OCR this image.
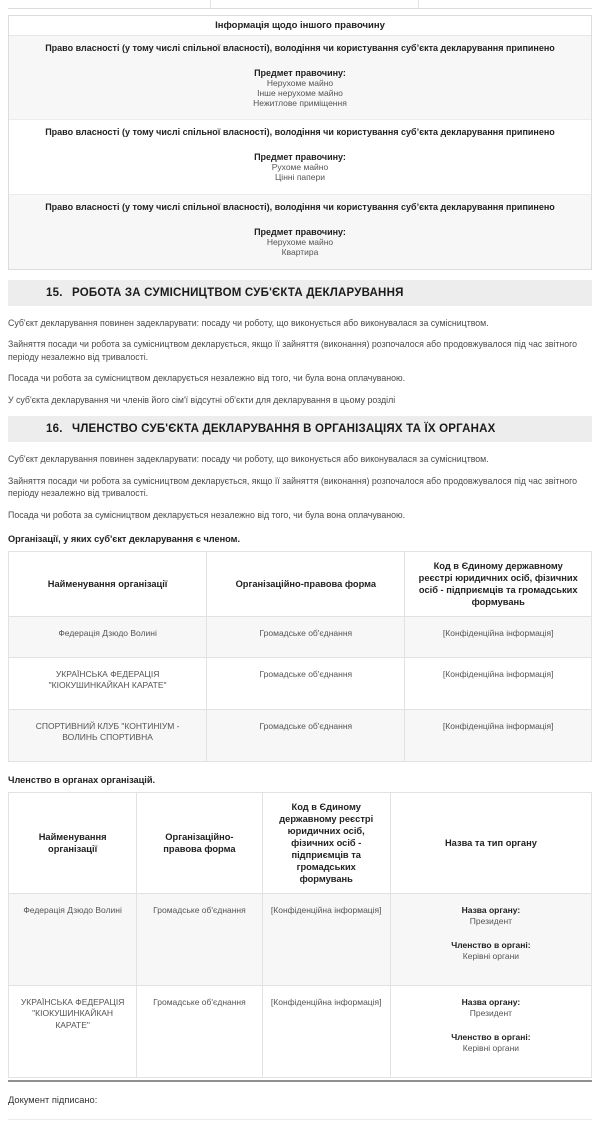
Інформація щодо іншого правочину
Право власності (у тому числі спільної власності), володіння чи користування суб’єкта декларування припинено
Предмет правочину:
Нерухоме майно
Інше нерухоме майно
Нежитлове приміщення
Право власності (у тому числі спільної власності), володіння чи користування суб’єкта декларування припинено
Предмет правочину:
Рухоме майно
Цінні папери
Право власності (у тому числі спільної власності), володіння чи користування суб’єкта декларування припинено
Предмет правочину:
Нерухоме майно
Квартира
15. РОБОТА ЗА СУМІСНИЦТВОМ СУБ'ЄКТА ДЕКЛАРУВАННЯ
Суб'єкт декларування повинен задекларувати: посаду чи роботу, що виконується або виконувалася за сумісництвом.
Зайняття посади чи робота за сумісництвом декларується, якщо її зайняття (виконання) розпочалося або продовжувалося під час звітного періоду незалежно від тривалості.
Посада чи робота за сумісництвом декларується незалежно від того, чи була вона оплачуваною.
У суб'єкта декларування чи членів його сім'ї відсутні об'єкти для декларування в цьому розділі
16. ЧЛЕНСТВО СУБ'ЄКТА ДЕКЛАРУВАННЯ В ОРГАНІЗАЦІЯХ ТА ЇХ ОРГАНАХ
Суб'єкт декларування повинен задекларувати: посаду чи роботу, що виконується або виконувалася за сумісництвом.
Зайняття посади чи робота за сумісництвом декларується, якщо її зайняття (виконання) розпочалося або продовжувалося під час звітного періоду незалежно від тривалості.
Посада чи робота за сумісництвом декларується незалежно від того, чи була вона оплачуваною.
Організації, у яких суб'єкт декларування є членом.
Найменування організації	Організаційно-правова форма	Код в Єдиному державному реєстрі юридичних осіб, фізичних осіб - підприємців та громадських формувань
Федерація Дзюдо Волині	Громадське об'єднання	[Конфіденційна інформація]
УКРАЇНСЬКА ФЕДЕРАЦІЯ "КІОКУШИНКАЙКАН КАРАТЕ"	Громадське об'єднання	[Конфіденційна інформація]
СПОРТИВНИЙ КЛУБ "КОНТИНІУМ - ВОЛИНЬ СПОРТИВНА	Громадське об'єднання	[Конфіденційна інформація]
Членство в органах організацій.
Найменування організації	Організаційно-правова форма	Код в Єдиному державному реєстрі юридичних осіб, фізичних осіб - підприємців та громадських формувань	Назва та тип органу
Федерація Дзюдо Волині	Громадське об'єднання	[Конфіденційна інформація]	Назва органу:
Президент
Членство в органі:
Керівні органи

УКРАЇНСЬКА ФЕДЕРАЦІЯ "КІОКУШИНКАЙКАН КАРАТЕ"	Громадське об'єднання	[Конфіденційна інформація]	Назва органу:
Президент
Членство в органі:
Керівні органи
Документ підписано:
